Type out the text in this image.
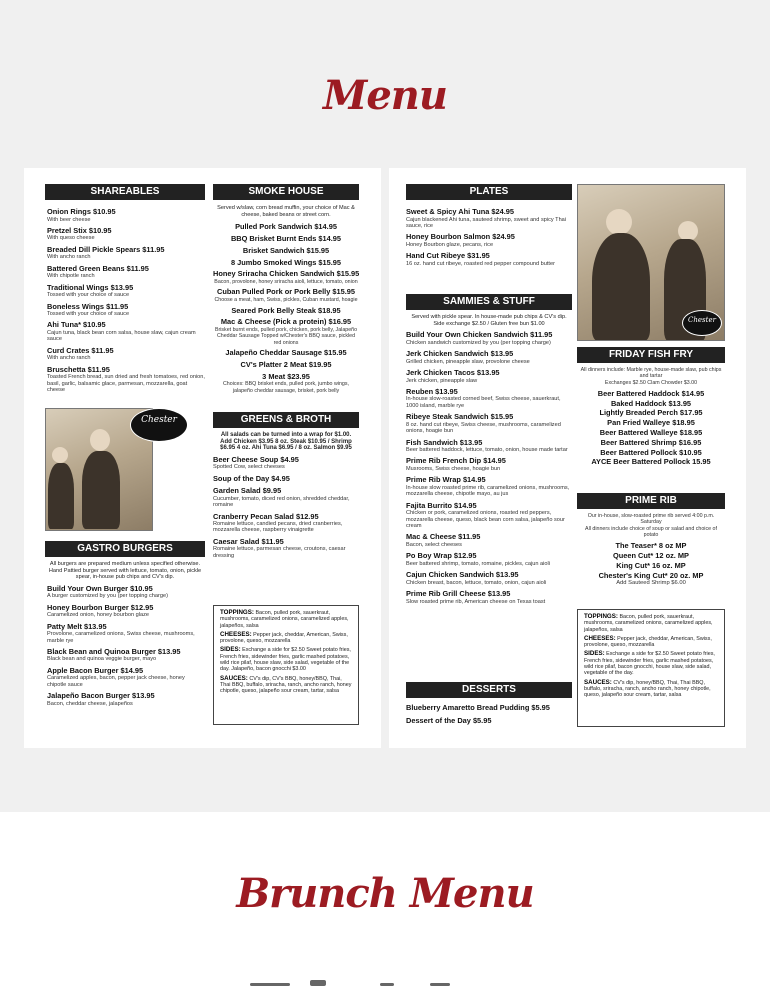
Menu
SHAREABLES
Onion Rings $10.95
With beer cheese
Pretzel Stix $10.95
With queso cheese
Breaded Dill Pickle Spears $11.95
With ancho ranch
Battered Green Beans $11.95
With chipotle ranch
Traditional Wings $13.95
Tossed with your choice of sauce
Boneless Wings $11.95
Tossed with your choice of sauce
Ahi Tuna* $10.95
Cajun tuna, black bean corn salsa, house slaw, cajun cream sauce
Curd Crates $11.95
With ancho ranch
Bruschetta $11.95
Toasted French bread, sun dried and fresh tomatoes, red onion, basil, garlic, balsamic glace, parmesan, mozzarella, goat cheese
Chester
GASTRO BURGERS
All burgers are prepared medium unless specified otherwise. Hand Pattied burger served with lettuce, tomato, onion, pickle spear, in-house pub chips and CV's dip.
Build Your Own Burger $10.95
A burger customized by you (per topping charge)
Honey Bourbon Burger $12.95
Caramelized onion, honey bourbon glaze
Patty Melt $13.95
Provolone, caramelized onions, Swiss cheese, mushrooms, marble rye
Black Bean and Quinoa Burger $13.95
Black bean and quinoa veggie burger, mayo
Apple Bacon Burger $14.95
Caramelized apples, bacon, pepper jack cheese, honey chipotle sauce
Jalapeño Bacon Burger $13.95
Bacon, cheddar cheese, jalapeños
SMOKE HOUSE
Served w/slaw, corn bread muffin, your choice of Mac & cheese, baked beans or street corn.
Pulled Pork Sandwich $14.95
BBQ Brisket Burnt Ends $14.95
Brisket Sandwich $15.95
8 Jumbo Smoked Wings $15.95
Honey Sriracha Chicken Sandwich $15.95
Bacon, provolone, honey sriracha aioli, lettuce, tomato, onion
Cuban Pulled Pork or Pork Belly $15.95
Choose a meat, ham, Swiss, pickles, Cuban mustard, hoagie
Seared Pork Belly Steak $18.95
Mac & Cheese (Pick a protein) $16.95
Brisket burnt ends, pulled pork, chicken, pork belly, Jalapeño Cheddar Sausage Topped w/Chester's BBQ sauce, pickled red onions
Jalapeño Cheddar Sausage $15.95
CV's Platter 2 Meat $19.95
3 Meat $23.95
Choices: BBQ brisket ends, pulled pork, jumbo wings, jalapeño cheddar sausage, brisket, pork belly
GREENS & BROTH
All salads can be turned into a wrap for $1.00. Add Chicken $3.95 8 oz. Steak $10.95 / Shrimp $6.95 4 oz. Ahi Tuna $6.95 / 8 oz. Salmon $9.95
Beer Cheese Soup $4.95
Spotted Cow, select cheeses
Soup of the Day $4.95
Garden Salad $9.95
Cucumber, tomato, diced red onion, shredded cheddar, romaine
Cranberry Pecan Salad $12.95
Romaine lettuce, candied pecans, dried cranberries, mozzarella cheese, raspberry vinaigrette
Caesar Salad $11.95
Romaine lettuce, parmesan cheese, croutons, caesar dressing

TOPPINGS: Bacon, pulled pork, sauerkraut, mushrooms, caramelized onions, caramelized apples, jalapeños, salsa

CHEESES: Pepper jack, cheddar, American, Swiss, provolone, queso, mozzarella

SIDES: Exchange a side for $2.50 Sweet potato fries, French fries, sidewinder fries, garlic mashed potatoes, wild rice pilaf, house slaw, side salad, vegetable of the day. Jalapeño, bacon gnocchi $3.00

SAUCES: CV's dip, CV's BBQ, honey/BBQ, Thai, Thai BBQ, buffalo, sriracha, ranch, ancho ranch, honey chipotle, queso, jalapeño sour cream, tartar, salsa

PLATES
Sweet & Spicy Ahi Tuna $24.95
Cajun blackened Ahi tuna, sauteed shrimp, sweet and spicy Thai sauce, rice
Honey Bourbon Salmon $24.95
Honey Bourbon glaze, pecans, rice
Hand Cut Ribeye $31.95
16 oz. hand cut ribeye, roasted red pepper compound butter
SAMMIES & STUFF
Served with pickle spear. In house-made pub chips & CV's dip. Side exchange $2.50 / Gluten free bun $1.00
Build Your Own Chicken Sandwich $11.95
Chicken sandwich customized by you (per topping charge)
Jerk Chicken Sandwich $13.95
Grilled chicken, pineapple slaw, provolone cheese
Jerk Chicken Tacos $13.95
Jerk chicken, pineapple slaw
Reuben $13.95
In-house slow-roasted corned beef, Swiss cheese, sauerkraut, 1000 island, marble rye
Ribeye Steak Sandwich $15.95
8 oz. hand cut ribeye, Swiss cheese, mushrooms, caramelized onions, hoagie bun
Fish Sandwich $13.95
Beer battered haddock, lettuce, tomato, onion, house made tartar
Prime Rib French Dip $14.95
Musrooms, Swiss cheese, hoagie bun
Prime Rib Wrap $14.95
In-house slow roasted prime rib, caramelized onions, mushrooms, mozzarella cheese, chipotle mayo, au jus
Fajita Burrito $14.95
Chicken or pork, caramelized onions, roasted red peppers, mozzarella cheese, queso, black bean corn salsa, jalapeño sour cream
Mac & Cheese $11.95
Bacon, select cheeses
Po Boy Wrap $12.95
Beer battered shrimp, tomato, romaine, pickles, cajun aioli
Cajun Chicken Sandwich $13.95
Chicken breast, bacon, lettuce, tomato, onion, cajun aioli
Prime Rib Grill Cheese $13.95
Slow roasted prime rib, American cheese on Texas toast
DESSERTS
Blueberry Amaretto Bread Pudding $5.95
Dessert of the Day $5.95
Chester
FRIDAY FISH FRY
All dinners include: Marble rye, house-made slaw, pub chips and tartar
Exchanges $2.50 Clam Chowder $3.00
Beer Battered Haddock $14.95
Baked Haddock $13.95
Lightly Breaded Perch $17.95
Pan Fried Walleye $18.95
Beer Battered Walleye $18.95
Beer Battered Shrimp $16.95
Beer Battered Pollock $10.95
AYCE Beer Battered Pollock 15.95
PRIME RIB
Our in-house, slow-roasted prime rib served 4:00 p.m. Saturday
All dinners include choice of soup or salad and choice of potato
The Teaser* 8 oz MP
Queen Cut* 12 oz. MP
King Cut* 16 oz. MP
Chester's King Cut* 20 oz. MP
Add Sauteed Shrimp $6.00

TOPPINGS: Bacon, pulled pork, sauerkraut, mushrooms, caramelized onions, caramelized apples, jalapeños, salsa

CHEESES: Pepper jack, cheddar, American, Swiss, provolone, queso, mozzarella

SIDES: Exchange a side for $2.50 Sweet potato fries, French fries, sidewinder fries, garlic mashed potatoes, wild rice pilaf, bacon gnocchi, house slaw, side salad, vegetable of the day.

SAUCES: CV's dip, honey/BBQ, Thai, Thai BBQ, buffalo, sriracha, ranch, ancho ranch, honey chipotle, queso, jalapeño sour cream, tartar, salsa

Brunch Menu
